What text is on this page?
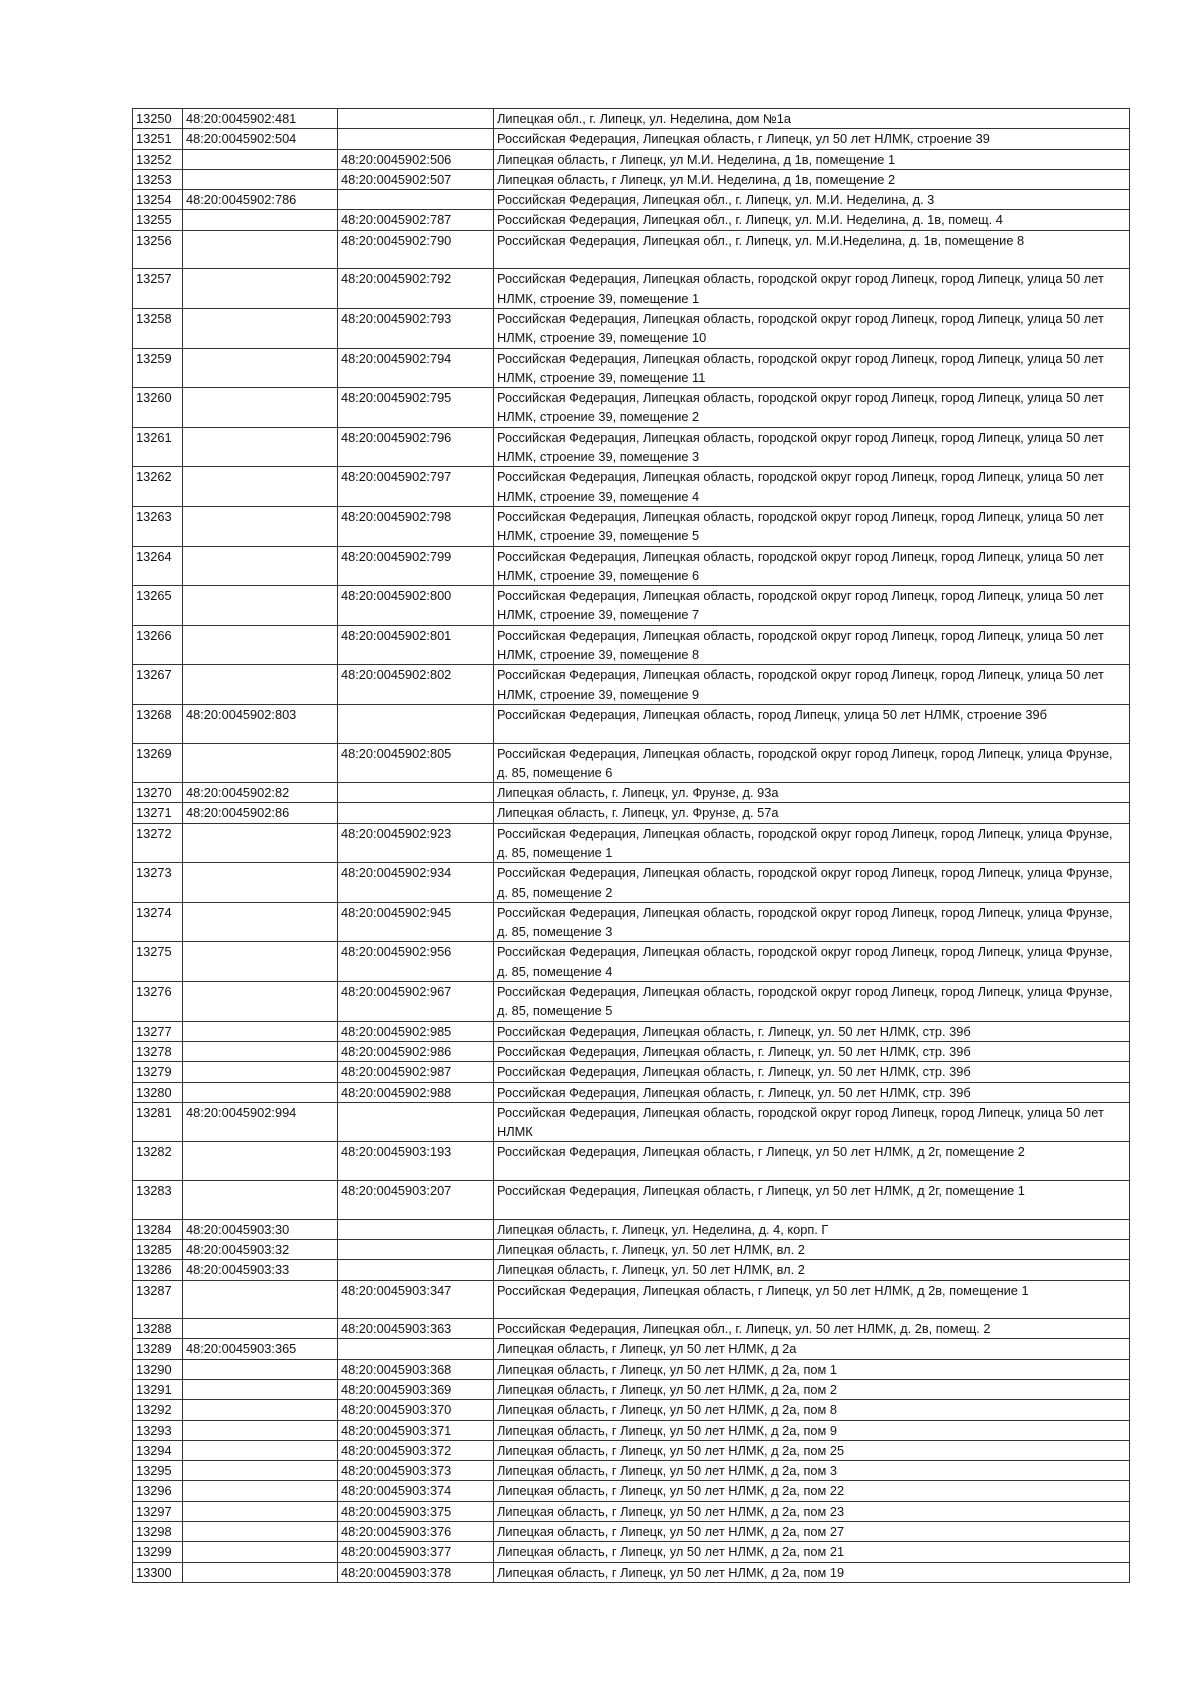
13250	48:20:0045902:481		Липецкая обл., г. Липецк, ул. Неделина, дом №1а
13251	48:20:0045902:504		Российская Федерация, Липецкая область, г Липецк, ул 50 лет НЛМК, строение 39
13252		48:20:0045902:506	Липецкая область, г Липецк, ул М.И. Неделина, д 1в, помещение 1
13253		48:20:0045902:507	Липецкая область, г Липецк, ул М.И. Неделина, д 1в, помещение 2
13254	48:20:0045902:786		Российская Федерация, Липецкая обл., г. Липецк, ул. М.И. Неделина, д. 3
13255		48:20:0045902:787	Российская Федерация, Липецкая обл., г. Липецк, ул. М.И. Неделина, д. 1в, помещ. 4
13256		48:20:0045902:790	Российская Федерация, Липецкая обл., г. Липецк, ул. М.И.Неделина, д. 1в, помещение 8
13257		48:20:0045902:792	Российская Федерация, Липецкая область, городской округ город Липецк, город Липецк, улица 50 лет НЛМК, строение 39, помещение 1
13258		48:20:0045902:793	Российская Федерация, Липецкая область, городской округ город Липецк, город Липецк, улица 50 лет НЛМК, строение 39, помещение 10
13259		48:20:0045902:794	Российская Федерация, Липецкая область, городской округ город Липецк, город Липецк, улица 50 лет НЛМК, строение 39, помещение 11
13260		48:20:0045902:795	Российская Федерация, Липецкая область, городской округ город Липецк, город Липецк, улица 50 лет НЛМК, строение 39, помещение 2
13261		48:20:0045902:796	Российская Федерация, Липецкая область, городской округ город Липецк, город Липецк, улица 50 лет НЛМК, строение 39, помещение 3
13262		48:20:0045902:797	Российская Федерация, Липецкая область, городской округ город Липецк, город Липецк, улица 50 лет НЛМК, строение 39, помещение 4
13263		48:20:0045902:798	Российская Федерация, Липецкая область, городской округ город Липецк, город Липецк, улица 50 лет НЛМК, строение 39, помещение 5
13264		48:20:0045902:799	Российская Федерация, Липецкая область, городской округ город Липецк, город Липецк, улица 50 лет НЛМК, строение 39, помещение 6
13265		48:20:0045902:800	Российская Федерация, Липецкая область, городской округ город Липецк, город Липецк, улица 50 лет НЛМК, строение 39, помещение 7
13266		48:20:0045902:801	Российская Федерация, Липецкая область, городской округ город Липецк, город Липецк, улица 50 лет НЛМК, строение 39, помещение 8
13267		48:20:0045902:802	Российская Федерация, Липецкая область, городской округ город Липецк, город Липецк, улица 50 лет НЛМК, строение 39, помещение 9
13268	48:20:0045902:803		Российская Федерация, Липецкая область, город Липецк, улица 50 лет НЛМК, строение 39б
13269		48:20:0045902:805	Российская Федерация, Липецкая область, городской округ город Липецк, город Липецк, улица Фрунзе, д. 85, помещение 6
13270	48:20:0045902:82		Липецкая область, г. Липецк, ул. Фрунзе, д. 93а
13271	48:20:0045902:86		Липецкая область, г. Липецк, ул. Фрунзе, д. 57а
13272		48:20:0045902:923	Российская Федерация, Липецкая область, городской округ город Липецк, город Липецк, улица Фрунзе, д. 85, помещение 1
13273		48:20:0045902:934	Российская Федерация, Липецкая область, городской округ город Липецк, город Липецк, улица Фрунзе, д. 85, помещение 2
13274		48:20:0045902:945	Российская Федерация, Липецкая область, городской округ город Липецк, город Липецк, улица Фрунзе, д. 85, помещение 3
13275		48:20:0045902:956	Российская Федерация, Липецкая область, городской округ город Липецк, город Липецк, улица Фрунзе, д. 85, помещение 4
13276		48:20:0045902:967	Российская Федерация, Липецкая область, городской округ город Липецк, город Липецк, улица Фрунзе, д. 85, помещение 5
13277		48:20:0045902:985	Российская Федерация, Липецкая область, г. Липецк, ул. 50 лет НЛМК, стр. 39б
13278		48:20:0045902:986	Российская Федерация, Липецкая область, г. Липецк, ул. 50 лет НЛМК, стр. 39б
13279		48:20:0045902:987	Российская Федерация, Липецкая область, г. Липецк, ул. 50 лет НЛМК, стр. 39б
13280		48:20:0045902:988	Российская Федерация, Липецкая область, г. Липецк, ул. 50 лет НЛМК, стр. 39б
13281	48:20:0045902:994		Российская Федерация, Липецкая область, городской округ город Липецк, город Липецк, улица 50 лет НЛМК
13282		48:20:0045903:193	Российская Федерация, Липецкая область, г Липецк, ул 50 лет НЛМК, д 2г, помещение 2
13283		48:20:0045903:207	Российская Федерация, Липецкая область, г Липецк, ул 50 лет НЛМК, д 2г, помещение 1
13284	48:20:0045903:30		Липецкая область, г. Липецк, ул. Неделина, д. 4, корп. Г
13285	48:20:0045903:32		Липецкая область, г. Липецк, ул. 50 лет НЛМК, вл. 2
13286	48:20:0045903:33		Липецкая область, г. Липецк, ул. 50 лет НЛМК, вл. 2
13287		48:20:0045903:347	Российская Федерация, Липецкая область, г Липецк, ул 50 лет НЛМК, д 2в, помещение 1
13288		48:20:0045903:363	Российская Федерация, Липецкая обл., г. Липецк, ул. 50 лет НЛМК, д. 2в, помещ. 2
13289	48:20:0045903:365		Липецкая область, г Липецк, ул 50 лет НЛМК, д 2а
13290		48:20:0045903:368	Липецкая область, г Липецк, ул 50 лет НЛМК, д 2а, пом 1
13291		48:20:0045903:369	Липецкая область, г Липецк, ул 50 лет НЛМК, д 2а, пом 2
13292		48:20:0045903:370	Липецкая область, г Липецк, ул 50 лет НЛМК, д 2а, пом 8
13293		48:20:0045903:371	Липецкая область, г Липецк, ул 50 лет НЛМК, д 2а, пом 9
13294		48:20:0045903:372	Липецкая область, г Липецк, ул 50 лет НЛМК, д 2а, пом 25
13295		48:20:0045903:373	Липецкая область, г Липецк, ул 50 лет НЛМК, д 2а, пом 3
13296		48:20:0045903:374	Липецкая область, г Липецк, ул 50 лет НЛМК, д 2а, пом 22
13297		48:20:0045903:375	Липецкая область, г Липецк, ул 50 лет НЛМК, д 2а, пом 23
13298		48:20:0045903:376	Липецкая область, г Липецк, ул 50 лет НЛМК, д 2а, пом 27
13299		48:20:0045903:377	Липецкая область, г Липецк, ул 50 лет НЛМК, д 2а, пом 21
13300		48:20:0045903:378	Липецкая область, г Липецк, ул 50 лет НЛМК, д 2а, пом 19
